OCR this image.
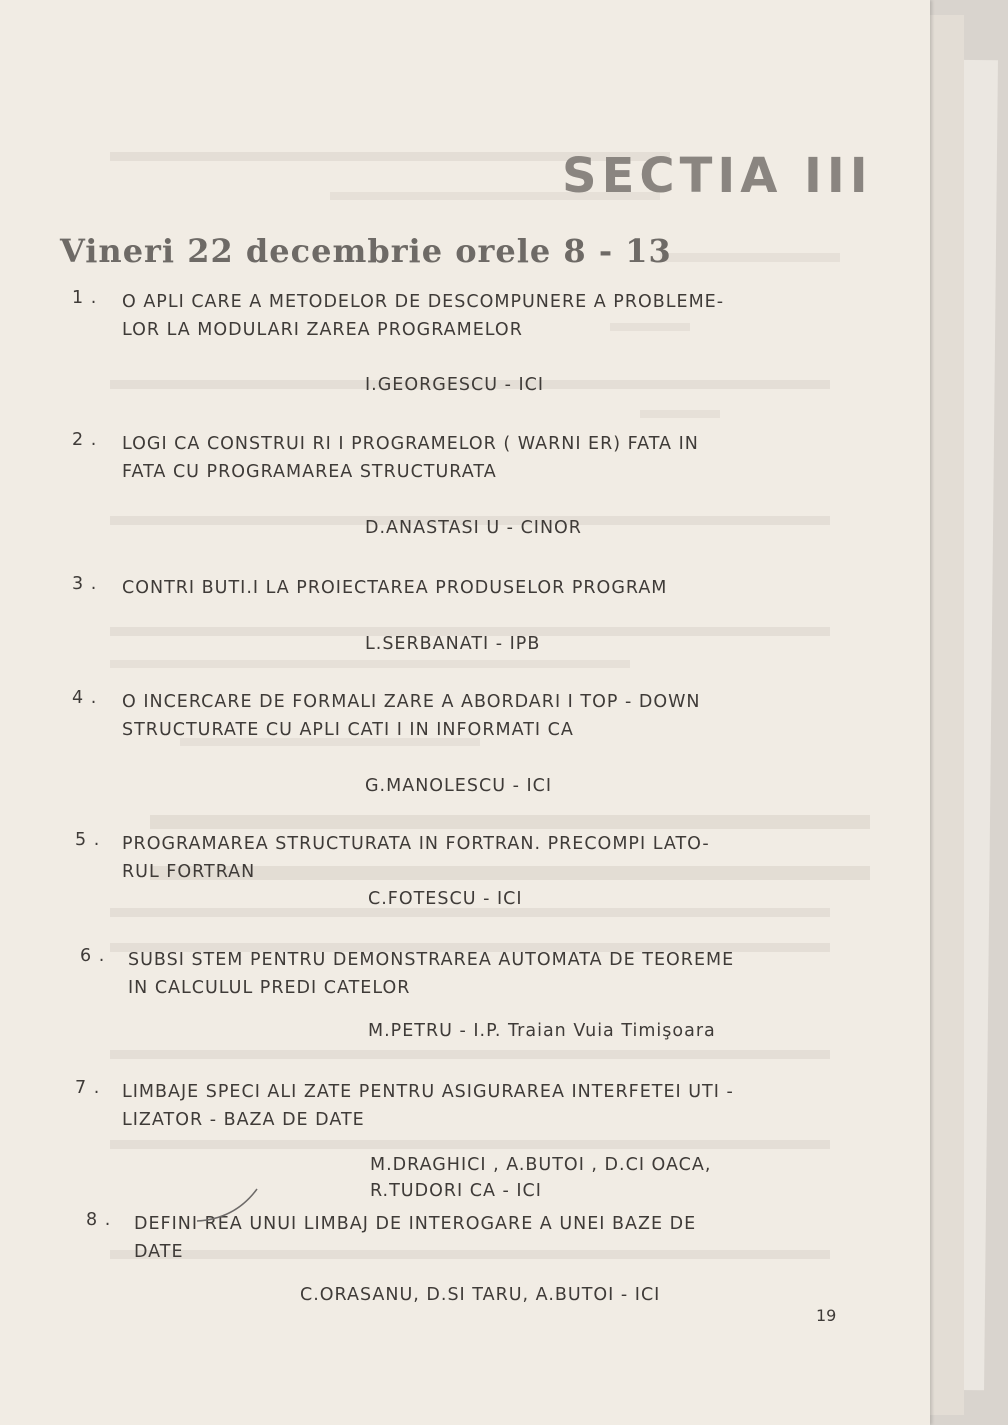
SECTIA III
Vineri 22 decembrie orele 8 - 13
1 . O APLI CARE A METODELOR DE DESCOMPUNERE A PROBLEME-
LOR LA MODULARI ZAREA PROGRAMELOR
I.GEORGESCU - ICI
2 . LOGI CA CONSTRUI RI I PROGRAMELOR ( WARNI ER) FATA IN
FATA CU PROGRAMAREA STRUCTURATA
D.ANASTASI U - CINOR
3 . CONTRI BUTI.I LA PROIECTAREA PRODUSELOR PROGRAM
L.SERBANATI - IPB
4 . O INCERCARE DE FORMALI ZARE A ABORDARI I TOP - DOWN
STRUCTURATE CU APLI CATI I IN INFORMATI CA
G.MANOLESCU - ICI
5 . PROGRAMAREA STRUCTURATA IN FORTRAN. PRECOMPI LATO-
RUL FORTRAN
C.FOTESCU - ICI
6 . SUBSI STEM PENTRU DEMONSTRAREA AUTOMATA DE TEOREME
IN CALCULUL PREDI CATELOR
M.PETRU - I.P. Traian Vuia Timişoara
7 . LIMBAJE SPECI ALI ZATE PENTRU ASIGURAREA INTERFETEI UTI -
LIZATOR - BAZA DE DATE
M.DRAGHICI , A.BUTOI , D.CI OACA,
R.TUDORI CA - ICI
8 . DEFINI REA UNUI LIMBAJ DE INTEROGARE A UNEI BAZE DE
DATE
C.ORASANU, D.SI TARU, A.BUTOI - ICI
19
